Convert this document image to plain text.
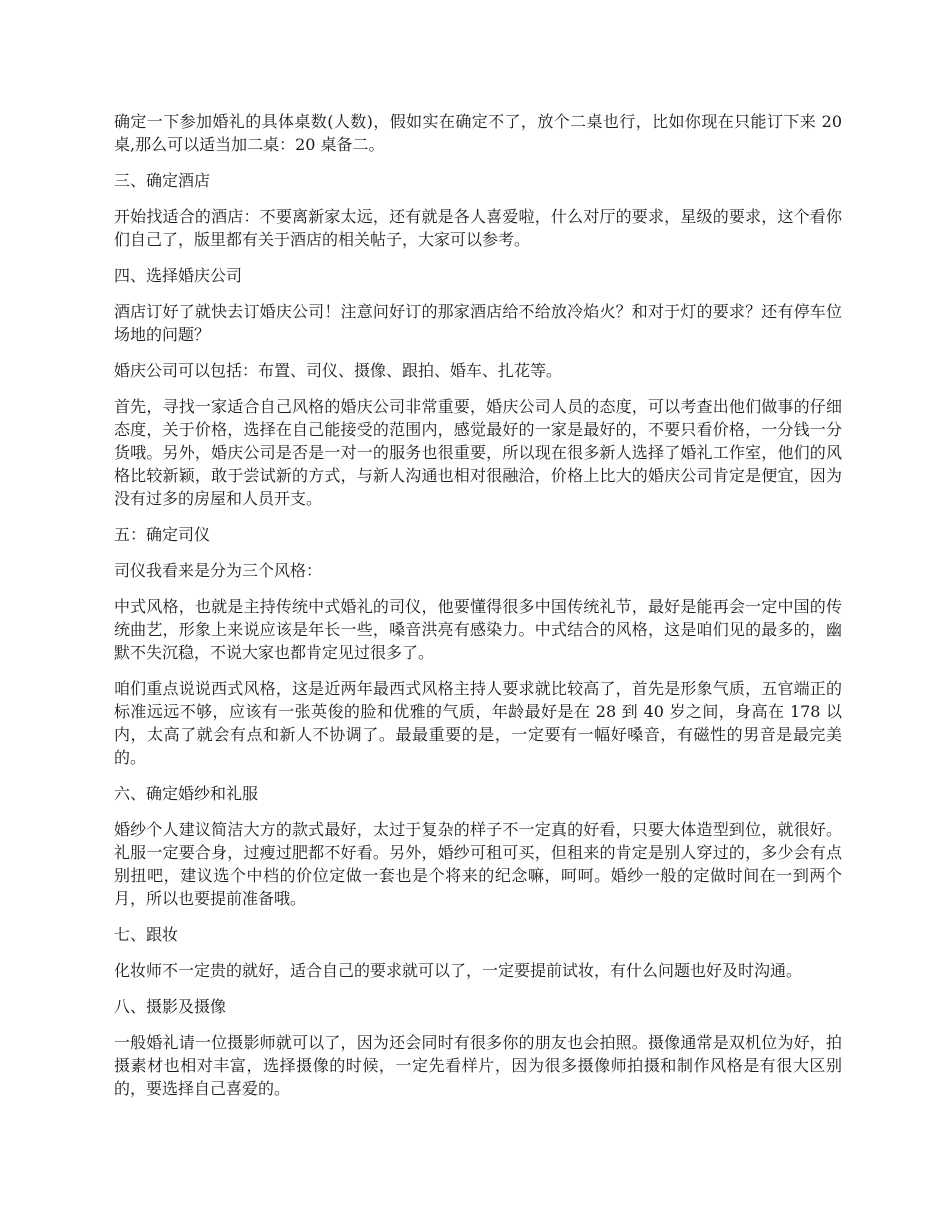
确定一下参加婚礼的具体桌数(人数)，假如实在确定不了，放个二桌也行，比如你现在只能订下来 20 桌,那么可以适当加二桌：20 桌备二。

三、确定酒店

开始找适合的酒店：不要离新家太远，还有就是各人喜爱啦，什么对厅的要求，星级的要求，这个看你们自己了，版里都有关于酒店的相关帖子，大家可以参考。

四、选择婚庆公司

酒店订好了就快去订婚庆公司！注意问好订的那家酒店给不给放冷焰火？和对于灯的要求？还有停车位场地的问题？

婚庆公司可以包括：布置、司仪、摄像、跟拍、婚车、扎花等。

首先，寻找一家适合自己风格的婚庆公司非常重要，婚庆公司人员的态度，可以考查出他们做事的仔细态度，关于价格，选择在自己能接受的范围内，感觉最好的一家是最好的，不要只看价格，一分钱一分货哦。另外，婚庆公司是否是一对一的服务也很重要，所以现在很多新人选择了婚礼工作室，他们的风格比较新颖，敢于尝试新的方式，与新人沟通也相对很融洽，价格上比大的婚庆公司肯定是便宜，因为没有过多的房屋和人员开支。

五：确定司仪

司仪我看来是分为三个风格：

中式风格，也就是主持传统中式婚礼的司仪，他要懂得很多中国传统礼节，最好是能再会一定中国的传统曲艺，形象上来说应该是年长一些，嗓音洪亮有感染力。中式结合的风格，这是咱们见的最多的，幽默不失沉稳，不说大家也都肯定见过很多了。

咱们重点说说西式风格，这是近两年最西式风格主持人要求就比较高了，首先是形象气质，五官端正的标准远远不够，应该有一张英俊的脸和优雅的气质，年龄最好是在 28 到 40 岁之间，身高在 178 以内，太高了就会有点和新人不协调了。最最重要的是，一定要有一幅好嗓音，有磁性的男音是最完美的。

六、确定婚纱和礼服

婚纱个人建议简洁大方的款式最好，太过于复杂的样子不一定真的好看，只要大体造型到位，就很好。礼服一定要合身，过瘦过肥都不好看。另外，婚纱可租可买，但租来的肯定是别人穿过的，多少会有点别扭吧，建议选个中档的价位定做一套也是个将来的纪念嘛，呵呵。婚纱一般的定做时间在一到两个月，所以也要提前准备哦。

七、跟妆

化妆师不一定贵的就好，适合自己的要求就可以了，一定要提前试妆，有什么问题也好及时沟通。

八、摄影及摄像

一般婚礼请一位摄影师就可以了，因为还会同时有很多你的朋友也会拍照。摄像通常是双机位为好，拍摄素材也相对丰富，选择摄像的时候，一定先看样片，因为很多摄像师拍摄和制作风格是有很大区别的，要选择自己喜爱的。
